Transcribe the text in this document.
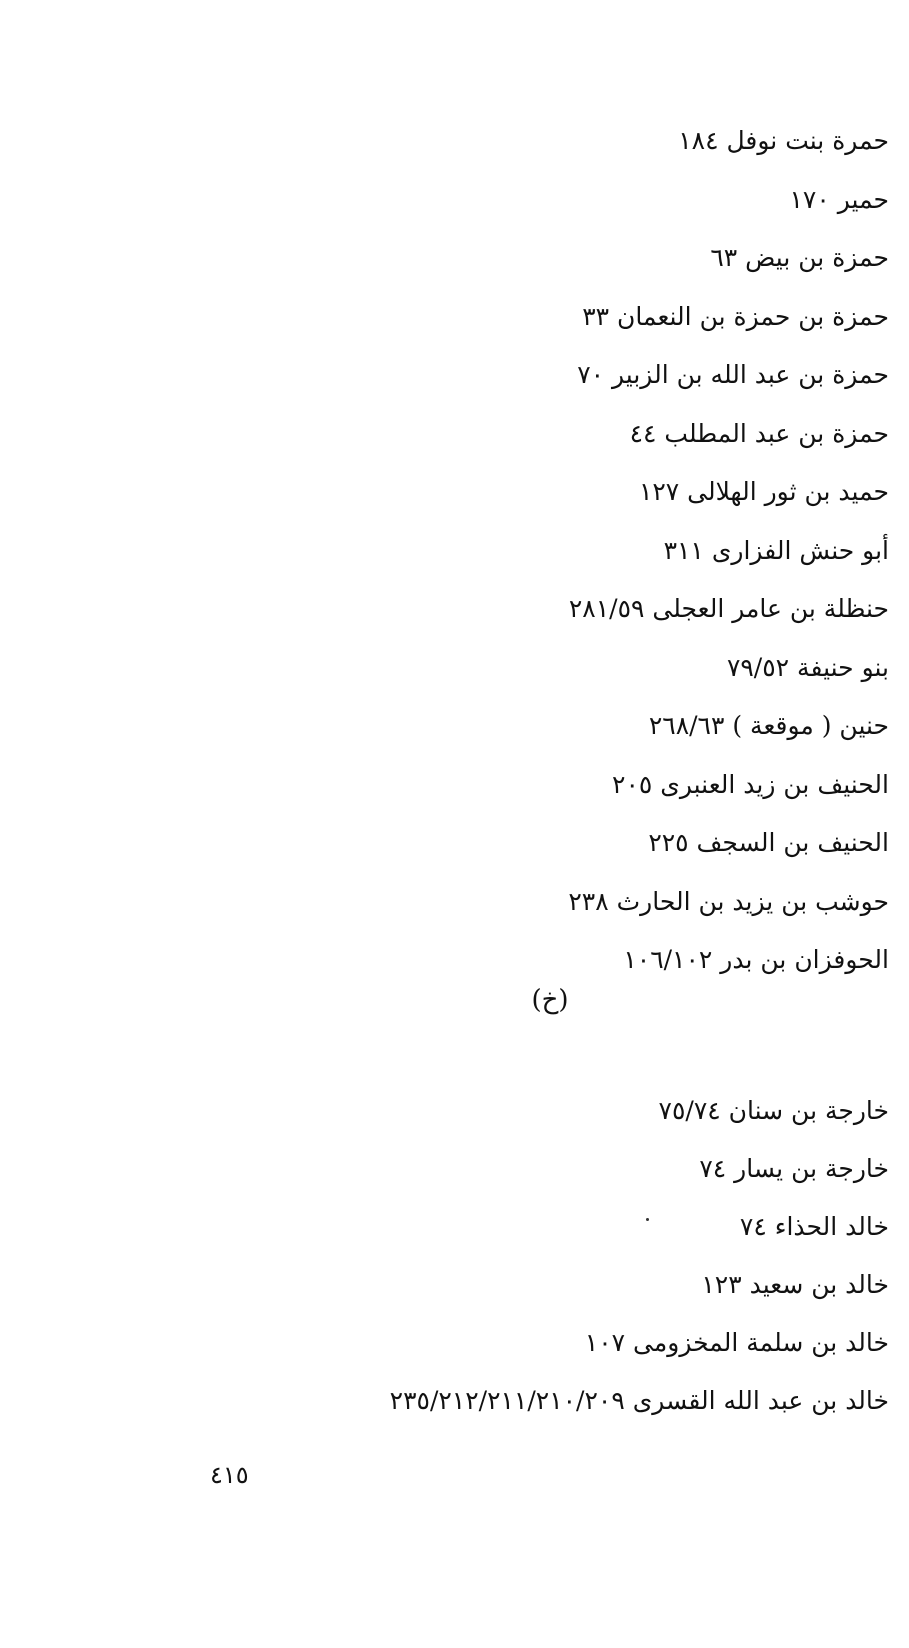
حمرة بنت نوفل ١٨٤
حمير ١٧٠
حمزة بن بيض ٦٣
حمزة بن حمزة بن النعمان ٣٣
حمزة بن عبد الله بن الزبير ٧٠
حمزة بن عبد المطلب ٤٤
حميد بن ثور الهلالى ١٢٧
أبو حنش الفزارى ٣١١
حنظلة بن عامر العجلى ٢٨١/٥٩
بنو حنيفة ٧٩/٥٢
حنين ( موقعة ) ٢٦٨/٦٣
الحنيف بن زيد العنبرى ٢٠٥
الحنيف بن السجف ٢٢٥
حوشب بن يزيد بن الحارث ٢٣٨
الحوفزان بن بدر ١٠٦/١٠٢
(خ)
خارجة بن سنان ٧٥/٧٤
خارجة بن يسار ٧٤
خالد الحذاء ٧٤
خالد بن سعيد ١٢٣
خالد بن سلمة المخزومى ١٠٧
خالد بن عبد الله القسرى ٢٣٥/٢١٢/٢١١/٢١٠/٢٠٩
٤١٥
